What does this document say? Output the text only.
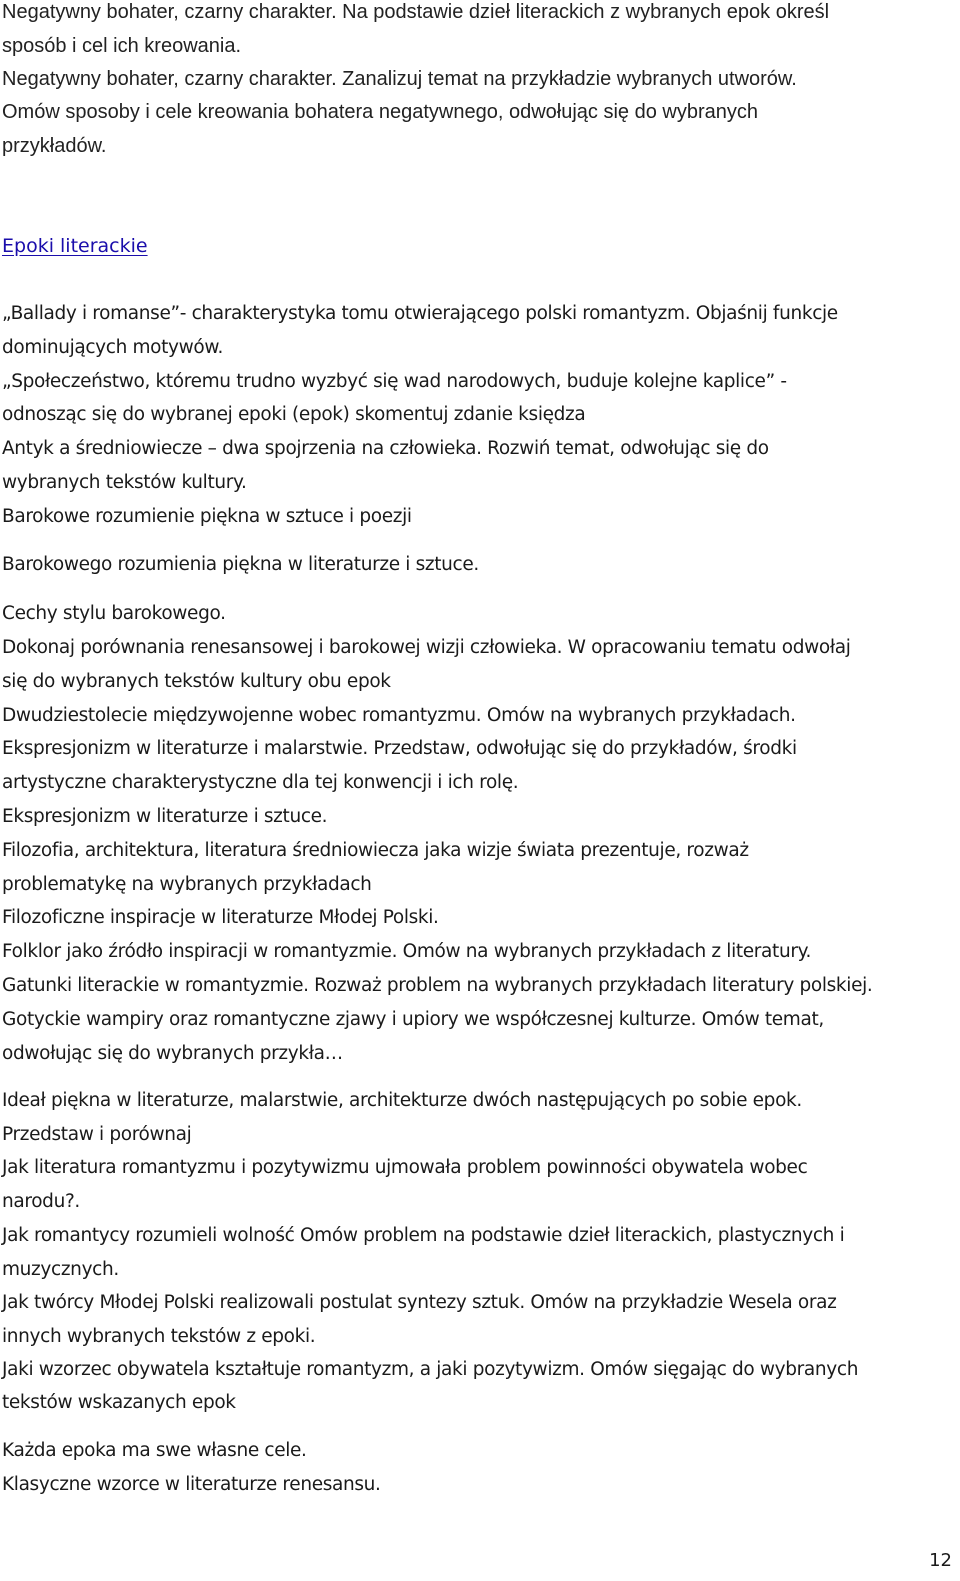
Negatywny bohater, czarny charakter. Na podstawie dzieł literackich z wybranych epok określ

sposób i cel ich kreowania.

Negatywny bohater, czarny charakter. Zanalizuj temat na przykładzie wybranych utworów.

Omów sposoby i cele kreowania bohatera negatywnego, odwołując się do wybranych

przykładów.

Epoki literackie

„Ballady i romanse”- charakterystyka tomu otwierającego polski romantyzm. Objaśnij funkcje

dominujących motywów.

„Społeczeństwo, któremu trudno wyzbyć się wad narodowych, buduje kolejne kaplice” -

odnosząc się do wybranej epoki (epok) skomentuj zdanie księdza

Antyk a średniowiecze – dwa spojrzenia na człowieka. Rozwiń temat, odwołując się do

wybranych tekstów kultury.

Barokowe rozumienie piękna w sztuce i poezji

Barokowego rozumienia piękna w literaturze i sztuce.

Cechy stylu barokowego.

Dokonaj porównania renesansowej i barokowej wizji człowieka. W opracowaniu tematu odwołaj

się do wybranych tekstów kultury obu epok

Dwudziestolecie międzywojenne wobec romantyzmu. Omów na wybranych przykładach.

Ekspresjonizm w literaturze i malarstwie. Przedstaw, odwołując się do przykładów, środki

artystyczne charakterystyczne dla tej konwencji i ich rolę.

Ekspresjonizm w literaturze i sztuce.

Filozofia, architektura, literatura średniowiecza jaka wizje świata prezentuje, rozważ

problematykę na wybranych przykładach

Filozoficzne inspiracje w literaturze Młodej Polski.

Folklor jako źródło inspiracji w romantyzmie. Omów na wybranych przykładach z literatury.

Gatunki literackie w romantyzmie. Rozważ problem na wybranych przykładach literatury polskiej.

Gotyckie wampiry oraz romantyczne zjawy i upiory we współczesnej kulturze. Omów temat,

odwołując się do wybranych przykła…

Ideał piękna w literaturze, malarstwie, architekturze dwóch następujących po sobie epok.

Przedstaw i porównaj

Jak literatura romantyzmu i pozytywizmu ujmowała problem powinności obywatela wobec

narodu?.

Jak romantycy rozumieli wolność Omów problem na podstawie dzieł literackich, plastycznych i

muzycznych.

Jak twórcy Młodej Polski realizowali postulat syntezy sztuk. Omów na przykładzie Wesela oraz

innych wybranych tekstów z epoki.

Jaki wzorzec obywatela kształtuje romantyzm, a jaki pozytywizm. Omów sięgając do wybranych

tekstów wskazanych epok

Każda epoka ma swe własne cele.

Klasyczne wzorce w literaturze renesansu.

12
